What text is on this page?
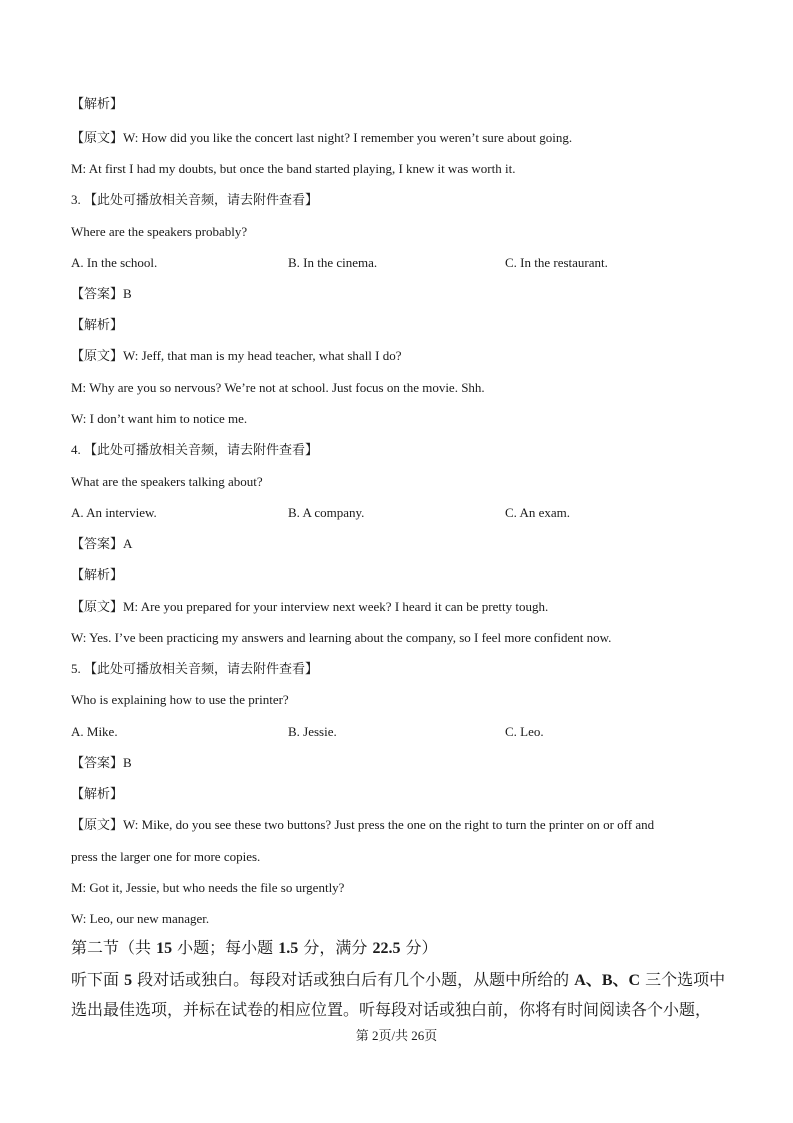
【解析】
【原文】W: How did you like the concert last night? I remember you weren’t sure about going.
M: At first I had my doubts, but once the band started playing, I knew it was worth it.
3. 【此处可播放相关音频，请去附件查看】
Where are the speakers probably?
A. In the school.	B. In the cinema.	C. In the restaurant.
【答案】B
【解析】
【原文】W: Jeff, that man is my head teacher, what shall I do?
M: Why are you so nervous? We’re not at school. Just focus on the movie. Shh.
W: I don’t want him to notice me.
4. 【此处可播放相关音频，请去附件查看】
What are the speakers talking about?
A. An interview.	B. A company.	C. An exam.
【答案】A
【解析】
【原文】M: Are you prepared for your interview next week? I heard it can be pretty tough.
W: Yes. I’ve been practicing my answers and learning about the company, so I feel more confident now.
5. 【此处可播放相关音频，请去附件查看】
Who is explaining how to use the printer?
A. Mike.	B. Jessie.	C. Leo.
【答案】B
【解析】
【原文】W: Mike, do you see these two buttons? Just press the one on the right to turn the printer on or off and
press the larger one for more copies.
M: Got it, Jessie, but who needs the file so urgently?
W: Leo, our new manager.
第二节（共 15 小题；每小题 1.5 分，满分 22.5 分）
听下面 5 段对话或独白。每段对话或独白后有几个小题，从题中所给的 A、B、C 三个选项中
选出最佳选项，并标在试卷的相应位置。听每段对话或独白前，你将有时间阅读各个小题，
第 2页/共 26页
